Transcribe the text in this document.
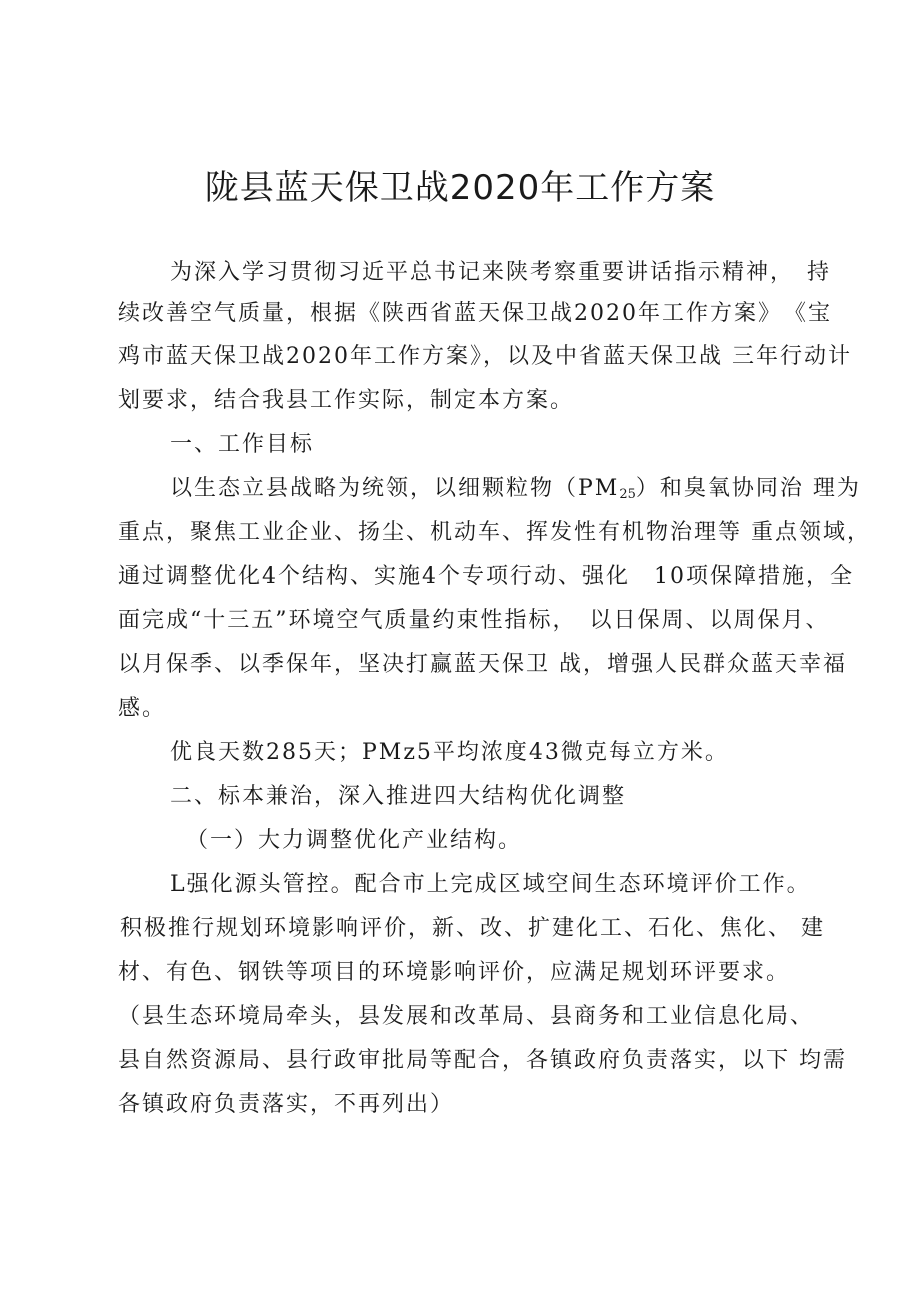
陇县蓝天保卫战2020年工作方案
为深入学习贯彻习近平总书记来陕考察重要讲话指示精神，　持
续改善空气质量，根据《陕西省蓝天保卫战2020年工作方案》　《宝
鸡市蓝天保卫战2020年工作方案》，以及中省蓝天保卫战 三年行动计
划要求，结合我县工作实际，制定本方案。
一、工作目标
以生态立县战略为统领，以细颗粒物$(PM_{25})$和臭氧协同治 理为
重点，聚焦工业企业、扬尘、机动车、挥发性有机物治理等 重点领域，
通过调整优化4个结构、实施4个专项行动、强化　10项保障措施，全
面完成“十三五”环境空气质量约束性指标，　以日保周、以周保月、
以月保季、以季保年，坚决打赢蓝天保卫 战，增强人民群众蓝天幸福
感。
优良天数285天；PMz5平均浓度43微克每立方米。
二、标本兼治，深入推进四大结构优化调整
（一）大力调整优化产业结构。
L强化源头管控。配合市上完成区域空间生态环境评价工作。
积极推行规划环境影响评价，新、改、扩建化工、石化、焦化、 建
材、有色、钢铁等项目的环境影响评价，应满足规划环评要求。
（县生态环境局牵头，县发展和改革局、县商务和工业信息化局、
县自然资源局、县行政审批局等配合，各镇政府负责落实，以下 均需
各镇政府负责落实，不再列出）
